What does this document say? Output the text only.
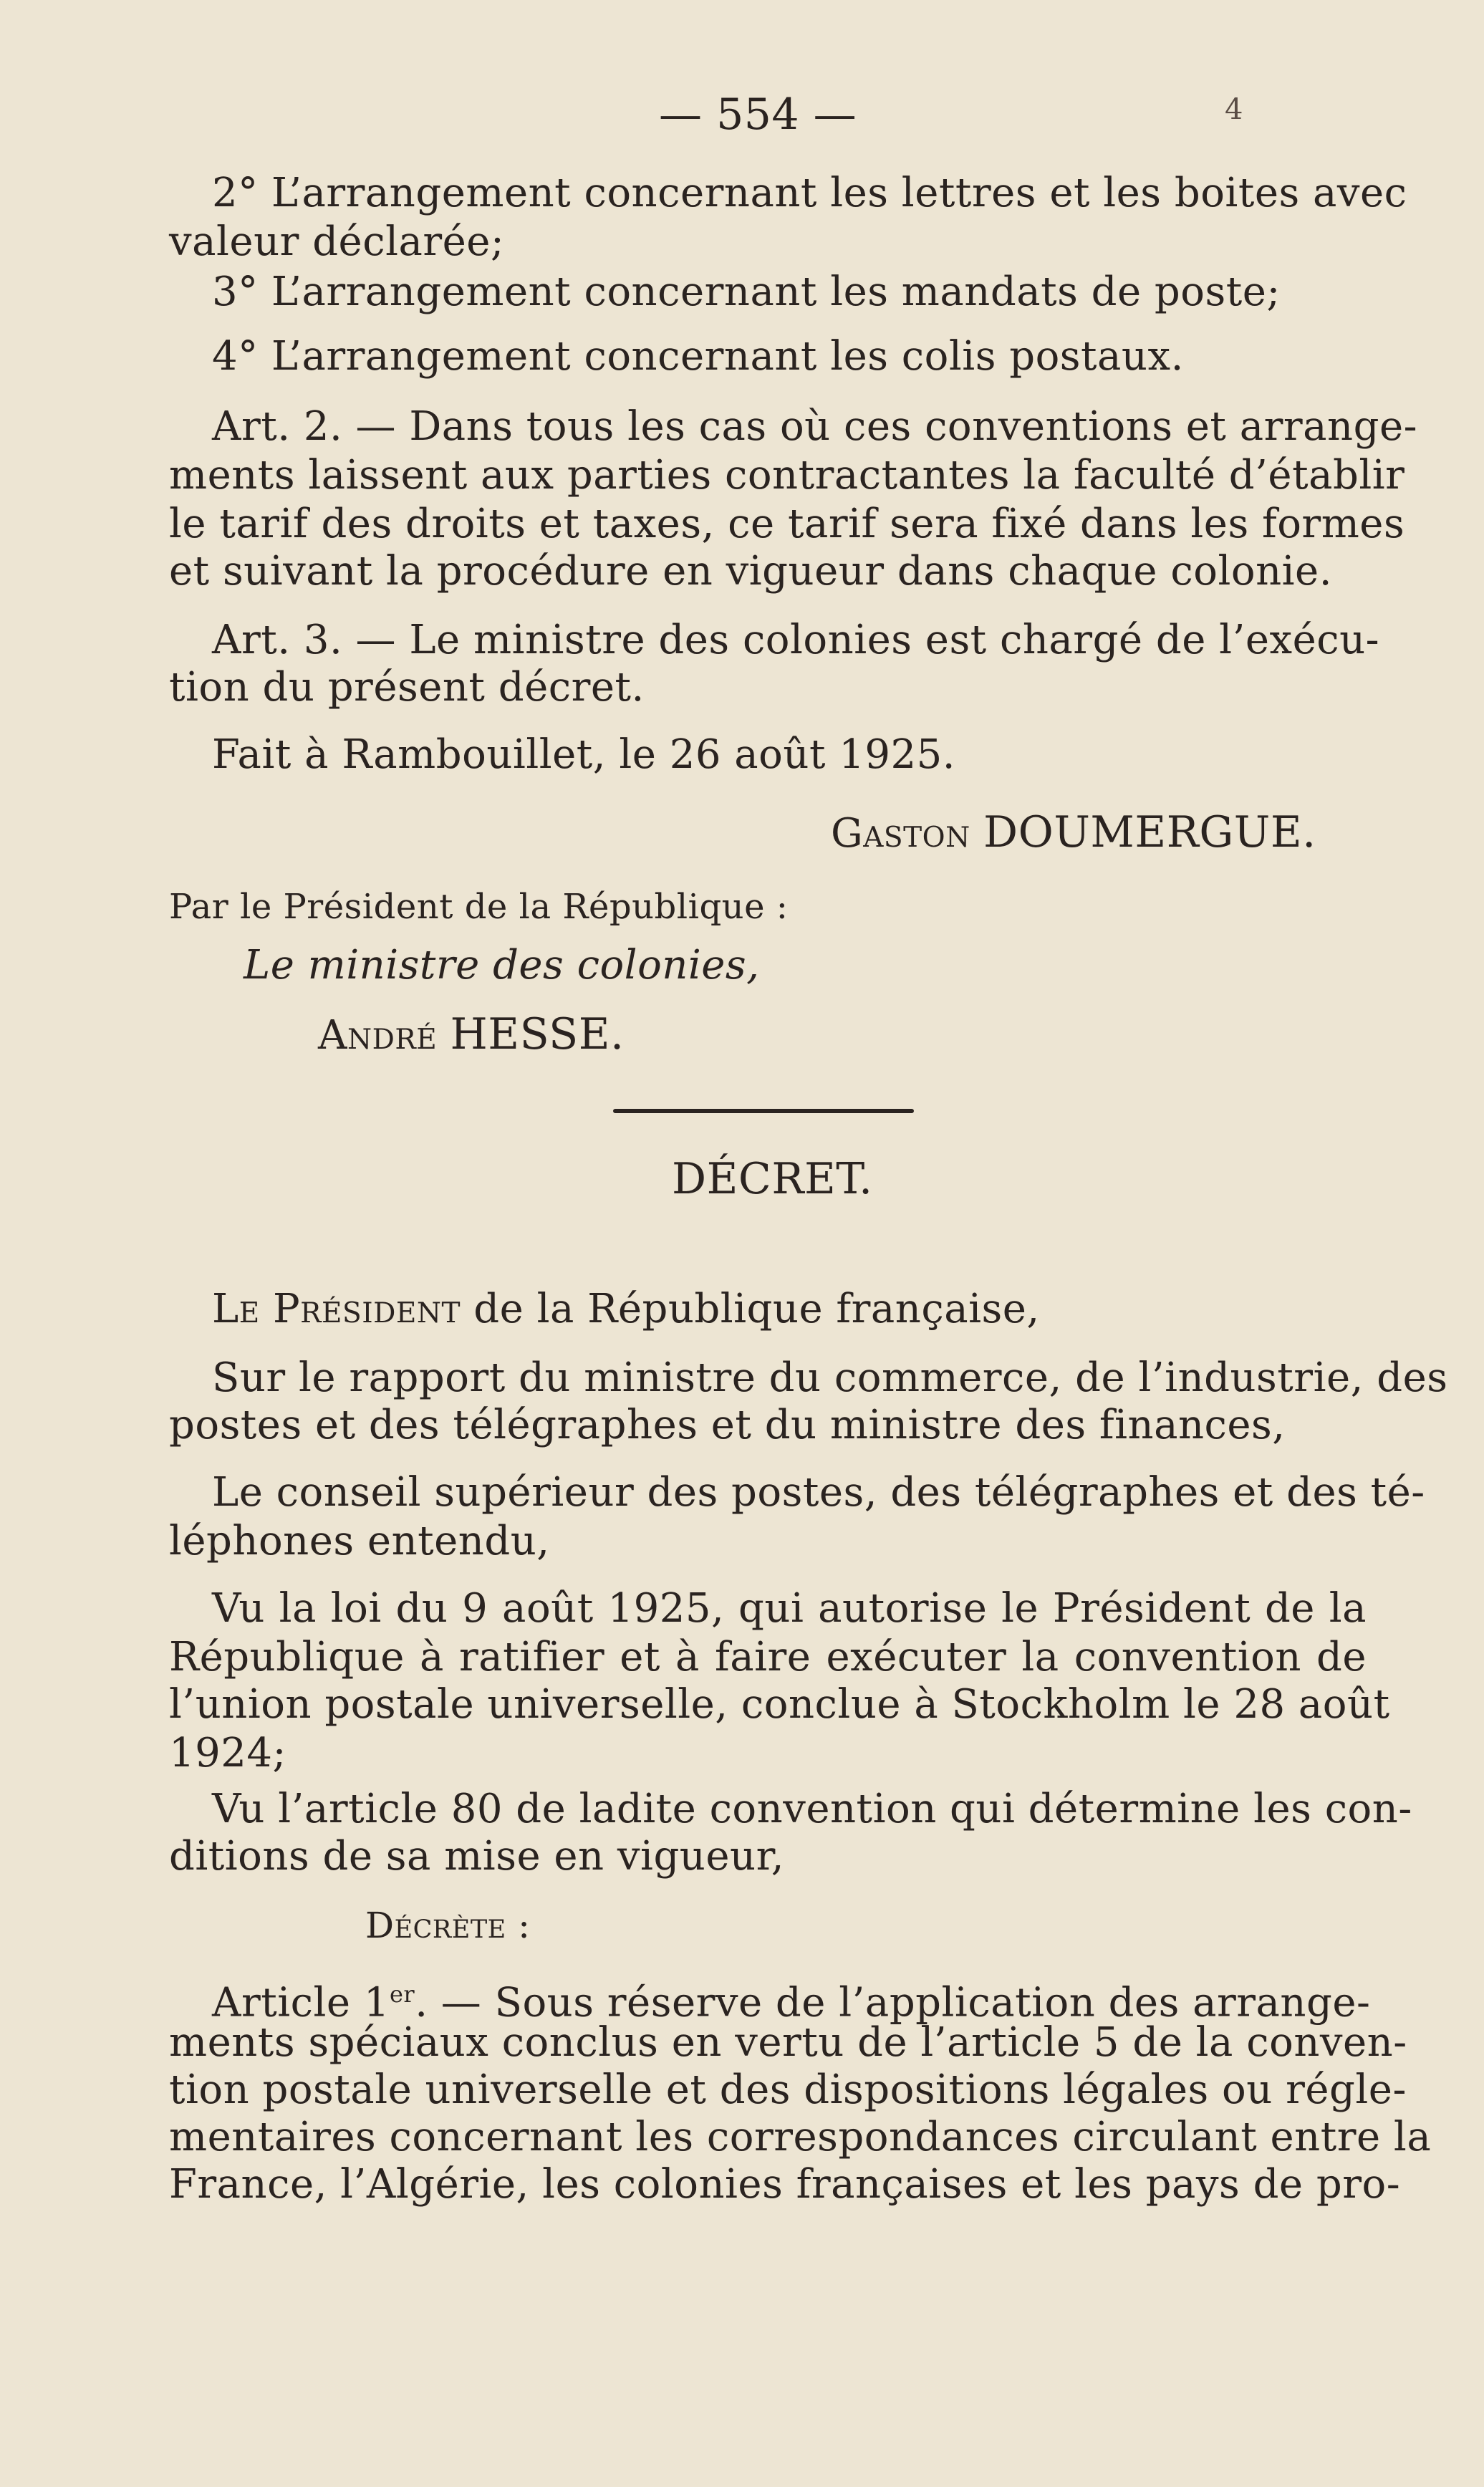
— 554 —	4
2° L’arrangement concernant les lettres et les boites avec
valeur déclarée;
3° L’arrangement concernant les mandats de poste;
4° L’arrangement concernant les colis postaux.
Art. 2. — Dans tous les cas où ces conventions et arrange-
ments laissent aux parties contractantes la faculté d’établir
le tarif des droits et taxes, ce tarif sera fixé dans les formes
et suivant la procédure en vigueur dans chaque colonie.
Art. 3. — Le ministre des colonies est chargé de l’exécu-
tion du présent décret.
Fait à Rambouillet, le 26 août 1925.
Gaston DOUMERGUE.
Par le Président de la République :
Le ministre des colonies,
André HESSE.
DÉCRET.
Le Président de la République française,
Sur le rapport du ministre du commerce, de l’industrie, des
postes et des télégraphes et du ministre des finances,
Le conseil supérieur des postes, des télégraphes et des té-
léphones entendu,
Vu la loi du 9 août 1925, qui autorise le Président de la
République à ratifier et à faire exécuter la convention de
l’union postale universelle, conclue à Stockholm le 28 août
1924;
Vu l’article 80 de ladite convention qui détermine les con-
ditions de sa mise en vigueur,
Décrète :
Article 1er. — Sous réserve de l’application des arrange-
ments spéciaux conclus en vertu de l’article 5 de la conven-
tion postale universelle et des dispositions légales ou régle-
mentaires concernant les correspondances circulant entre la
France, l’Algérie, les colonies françaises et les pays de pro-
